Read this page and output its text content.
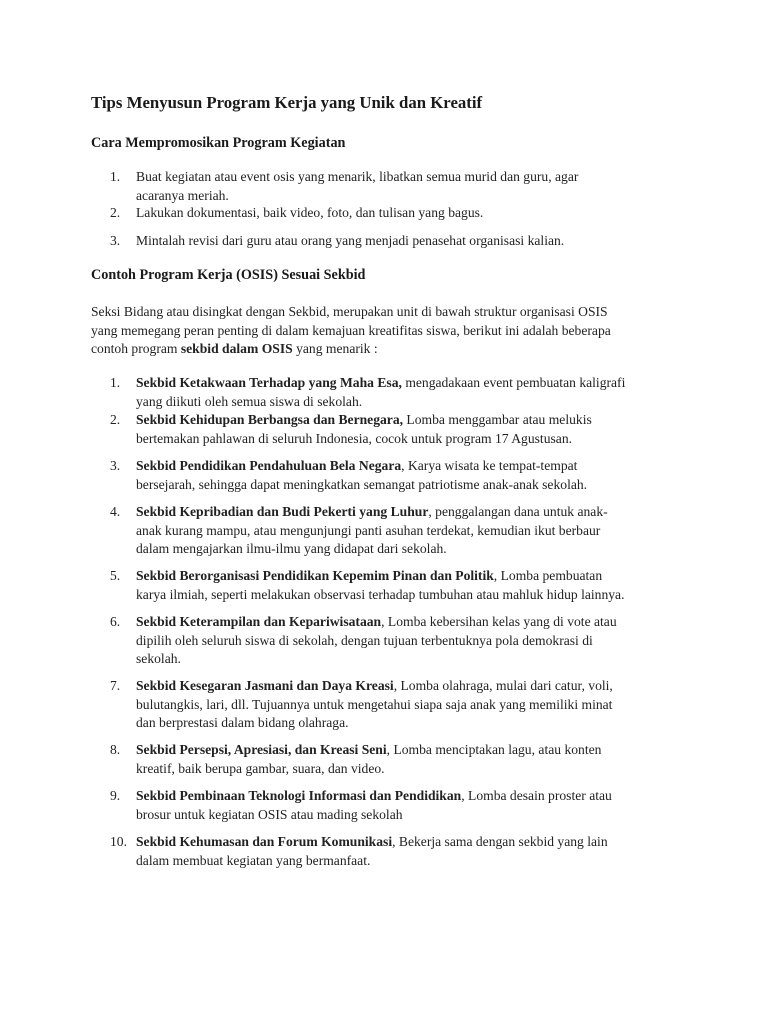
Tips Menyusun Program Kerja yang Unik dan Kreatif
Cara Mempromosikan Program Kegiatan
1.	Buat kegiatan atau event osis yang menarik, libatkan semua murid dan guru, agar
acaranya meriah.
2.	Lakukan dokumentasi, baik video, foto, dan tulisan yang bagus.
3.	Mintalah revisi dari guru atau orang yang menjadi penasehat organisasi kalian.
Contoh Program Kerja (OSIS) Sesuai Sekbid

Seksi Bidang atau disingkat dengan Sekbid, merupakan unit di bawah struktur organisasi OSIS
yang memegang peran penting di dalam kemajuan kreatifitas siswa, berikut ini adalah beberapa
contoh program sekbid dalam OSIS yang menarik :

1.	Sekbid Ketakwaan Terhadap yang Maha Esa, mengadakaan event pembuatan kaligrafi
yang diikuti oleh semua siswa di sekolah.
2.	Sekbid Kehidupan Berbangsa dan Bernegara, Lomba menggambar atau melukis
bertemakan pahlawan di seluruh Indonesia, cocok untuk program 17 Agustusan.
3.	Sekbid Pendidikan Pendahuluan Bela Negara, Karya wisata ke tempat-tempat
bersejarah, sehingga dapat meningkatkan semangat patriotisme anak-anak sekolah.
4.	Sekbid Kepribadian dan Budi Pekerti yang Luhur, penggalangan dana untuk anak-
anak kurang mampu, atau mengunjungi panti asuhan terdekat, kemudian ikut berbaur
dalam mengajarkan ilmu-ilmu yang didapat dari sekolah.
5.	Sekbid Berorganisasi Pendidikan Kepemim Pinan dan Politik, Lomba pembuatan
karya ilmiah, seperti melakukan observasi terhadap tumbuhan atau mahluk hidup lainnya.
6.	Sekbid Keterampilan dan Kepariwisataan, Lomba kebersihan kelas yang di vote atau
dipilih oleh seluruh siswa di sekolah, dengan tujuan terbentuknya pola demokrasi di
sekolah.
7.	Sekbid Kesegaran Jasmani dan Daya Kreasi, Lomba olahraga, mulai dari catur, voli,
bulutangkis, lari, dll. Tujuannya untuk mengetahui siapa saja anak yang memiliki minat
dan berprestasi dalam bidang olahraga.
8.	Sekbid Persepsi, Apresiasi, dan Kreasi Seni, Lomba menciptakan lagu, atau konten
kreatif, baik berupa gambar, suara, dan video.
9.	Sekbid Pembinaan Teknologi Informasi dan Pendidikan, Lomba desain proster atau
brosur untuk kegiatan OSIS atau mading sekolah
10. Sekbid Kehumasan dan Forum Komunikasi, Bekerja sama dengan sekbid yang lain
dalam membuat kegiatan yang bermanfaat.
